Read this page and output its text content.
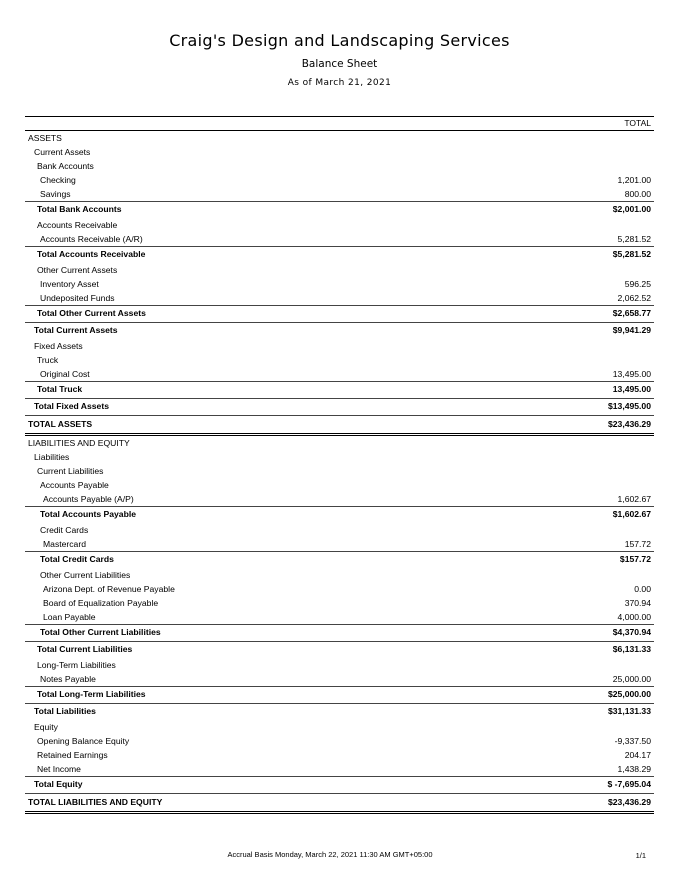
Craig's Design and Landscaping Services
Balance Sheet
As of March 21, 2021
TOTAL
ASSETS
Current Assets
Bank Accounts
Checking	1,201.00
Savings	800.00
Total Bank Accounts	$2,001.00
Accounts Receivable
Accounts Receivable (A/R)	5,281.52
Total Accounts Receivable	$5,281.52
Other Current Assets
Inventory Asset	596.25
Undeposited Funds	2,062.52
Total Other Current Assets	$2,658.77
Total Current Assets	$9,941.29
Fixed Assets
Truck
Original Cost	13,495.00
Total Truck	13,495.00
Total Fixed Assets	$13,495.00
TOTAL ASSETS	$23,436.29
LIABILITIES AND EQUITY
Liabilities
Current Liabilities
Accounts Payable
Accounts Payable (A/P)	1,602.67
Total Accounts Payable	$1,602.67
Credit Cards
Mastercard	157.72
Total Credit Cards	$157.72
Other Current Liabilities
Arizona Dept. of Revenue Payable	0.00
Board of Equalization Payable	370.94
Loan Payable	4,000.00
Total Other Current Liabilities	$4,370.94
Total Current Liabilities	$6,131.33
Long-Term Liabilities
Notes Payable	25,000.00
Total Long-Term Liabilities	$25,000.00
Total Liabilities	$31,131.33
Equity
Opening Balance Equity	-9,337.50
Retained Earnings	204.17
Net Income	1,438.29
Total Equity	$ -7,695.04
TOTAL LIABILITIES AND EQUITY	$23,436.29
Accrual Basis Monday, March 22, 2021 11:30 AM GMT+05:00	1/1
